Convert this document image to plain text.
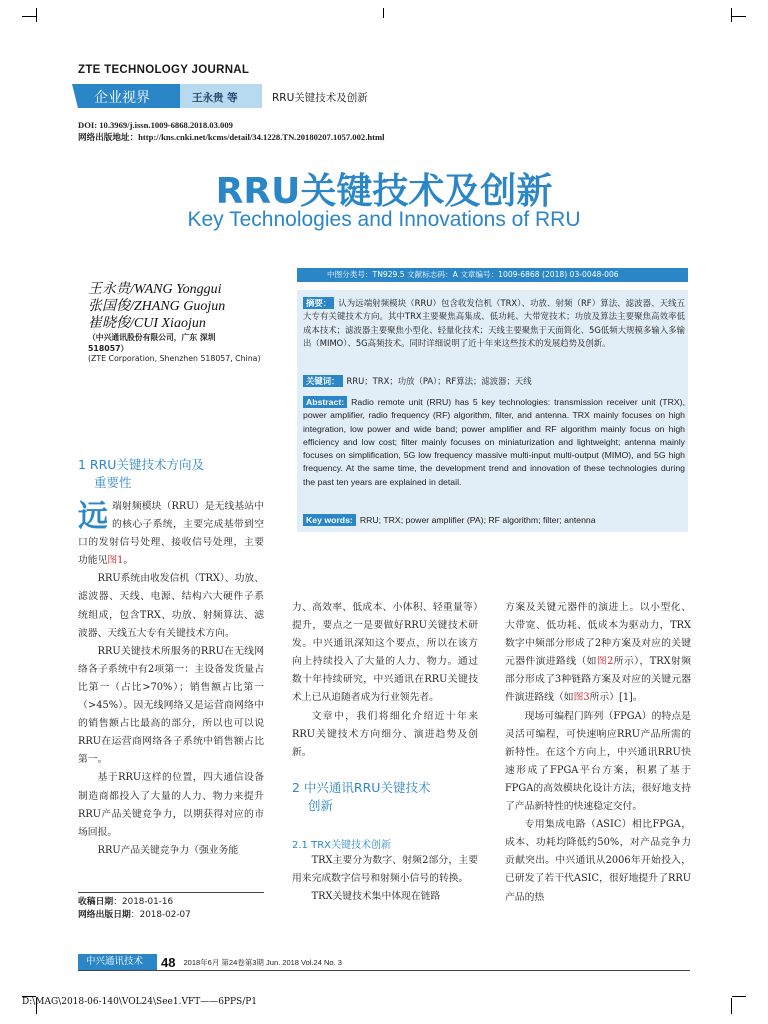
ZTE TECHNOLOGY JOURNAL
企业视界	王永贵 等	RRU关键技术及创新
DOI: 10.3969/j.issn.1009-6868.2018.03.009
网络出版地址：http://kns.cnki.net/kcms/detail/34.1228.TN.20180207.1057.002.html
RRU关键技术及创新
Key Technologies and Innovations of RRU
王永贵/WANG Yonggui
张国俊/ZHANG Guojun
崔晓俊/CUI Xiaojun
（中兴通讯股份有限公司，广东 深圳
518057）
(ZTE Corporation, Shenzhen 518057, China)
中图分类号：TN929.5 文献标志码：A 文章编号：1009-6868 (2018) 03-0048-006
摘要： 认为远端射频模块（RRU）包含收发信机（TRX）、功放、射频（RF）算法、滤波器、天线五大专有关键技术方向。其中TRX主要聚焦高集成、低功耗、大带宽技术；功放及算法主要聚焦高效率低成本技术；滤波器主要聚焦小型化、轻量化技术；天线主要聚焦于天面简化、5G低频大规模多输入多输出（MIMO）、5G高频技术。同时详细说明了近十年来这些技术的发展趋势及创新。
关键词： RRU；TRX；功放（PA）；RF算法；滤波器；天线
Abstract: Radio remote unit (RRU) has 5 key technologies: transmission receiver unit (TRX), power amplifier, radio frequency (RF) algorithm, filter, and antenna. TRX mainly focuses on high integration, low power and wide band; power amplifier and RF algorithm mainly focus on high efficiency and low cost; filter mainly focuses on miniaturization and lightweight; antenna mainly focuses on simplification, 5G low frequency massive multi-input multi-output (MIMO), and 5G high frequency. At the same time, the development trend and innovation of these technologies during the past ten years are explained in detail.
Key words: RRU; TRX; power amplifier (PA); RF algorithm; filter; antenna
1 RRU关键技术方向及
重要性
远端射频模块（RRU）是无线基站中的核心子系统，主要完成基带到空口的发射信号处理、接收信号处理，主要功能见图1。

RRU系统由收发信机（TRX）、功放、滤波器、天线、电源、结构六大硬件子系统组成，包含TRX、功放、射频算法、滤波器、天线五大专有关键技术方向。

RRU关键技术所服务的RRU在无线网络各子系统中有2项第一：主设备发货量占比第一（占比>70%）；销售额占比第一（>45%）。因无线网络又是运营商网络中的销售额占比最高的部分，所以也可以说RRU在运营商网络各子系统中销售额占比第一。

基于RRU这样的位置，四大通信设备制造商都投入了大量的人力、物力来提升RRU产品关键竞争力，以期获得对应的市场回报。

RRU产品关键竞争力（强业务能

收稿日期：2018-01-16
网络出版日期：2018-02-07
力、高效率、低成本、小体积、轻重量等）提升，要点之一是要做好RRU关键技术研发。中兴通讯深知这个要点，所以在该方向上持续投入了大量的人力、物力。通过数十年持续研究，中兴通讯在RRU关键技术上已从追随者成为行业领先者。

文章中，我们将细化介绍近十年来RRU关键技术方向细分、演进趋势及创新。

2 中兴通讯RRU关键技术
创新
2.1 TRX关键技术创新

TRX主要分为数字、射频2部分，主要用来完成数字信号和射频小信号的转换。

TRX关键技术集中体现在链路

方案及关键元器件的演进上。以小型化、大带宽、低功耗、低成本为驱动力，TRX数字中频部分形成了2种方案及对应的关键元器件演进路线（如图2所示），TRX射频部分形成了3种链路方案及对应的关键元器件演进路线（如图3所示）[1]。

现场可编程门阵列（FPGA）的特点是灵活可编程，可快速响应RRU产品所需的新特性。在这个方向上，中兴通讯RRU快速形成了FPGA平台方案，积累了基于FPGA的高效模块化设计方法，很好地支持了产品新特性的快速稳定交付。

专用集成电路（ASIC）相比FPGA，成本、功耗均降低约50%，对产品竞争力贡献突出。中兴通讯从2006年开始投入，已研发了若干代ASIC，很好地提升了RRU产品的热

中兴通讯技术	48 2018年6月 第24卷第3期 Jun. 2018 Vol.24 No. 3
D:\MAG\2018-06-140\VOL24\See1.VFT——6PPS/P1
